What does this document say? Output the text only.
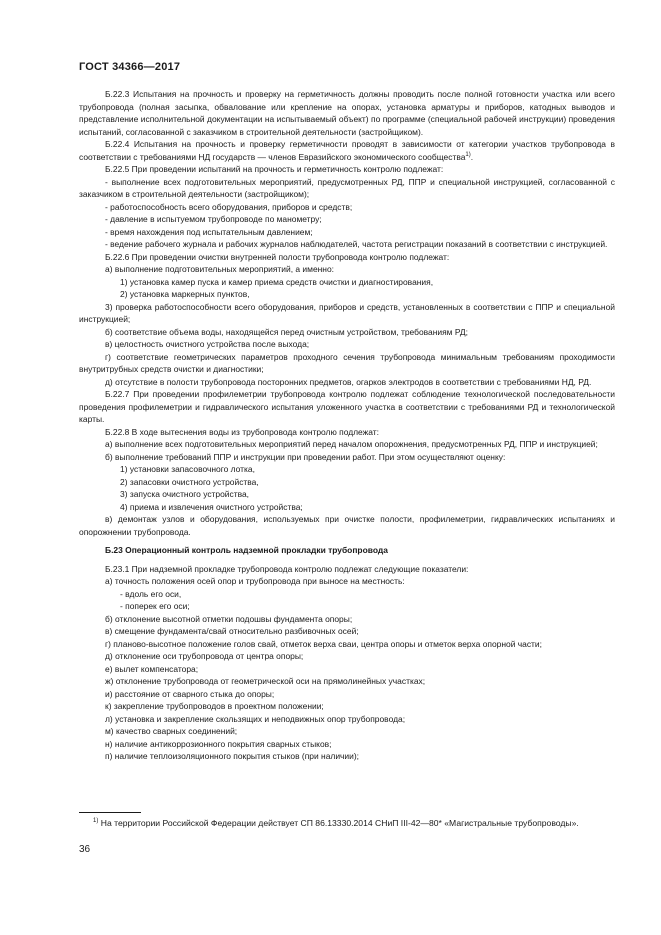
ГОСТ 34366—2017
Б.22.3 Испытания на прочность и проверку на герметичность должны проводить после полной готовности участка или всего трубопровода (полная засыпка, обвалование или крепление на опорах, установка арматуры и приборов, катодных выводов и представление исполнительной документации на испытываемый объект) по программе (специальной рабочей инструкции) проведения испытаний, согласованной с заказчиком в строительной деятельности (застройщиком).
Б.22.4 Испытания на прочность и проверку герметичности проводят в зависимости от категории участков трубопровода в соответствии с требованиями НД государств — членов Евразийского экономического сообщества$^{1)}$.
Б.22.5 При проведении испытаний на прочность и герметичность контролю подлежат:
- выполнение всех подготовительных мероприятий, предусмотренных РД, ППР и специальной инструкцией, согласованной с заказчиком в строительной деятельности (застройщиком);
- работоспособность всего оборудования, приборов и средств;
- давление в испытуемом трубопроводе по манометру;
- время нахождения под испытательным давлением;
- ведение рабочего журнала и рабочих журналов наблюдателей, частота регистрации показаний в соответствии с инструкцией.
Б.22.6 При проведении очистки внутренней полости трубопровода контролю подлежат:
а) выполнение подготовительных мероприятий, а именно:
1) установка камер пуска и камер приема средств очистки и диагностирования,
2) установка маркерных пунктов,
3) проверка работоспособности всего оборудования, приборов и средств, установленных в соответствии с ППР и специальной инструкцией;
б) соответствие объема воды, находящейся перед очистным устройством, требованиям РД;
в) целостность очистного устройства после выхода;
г) соответствие геометрических параметров проходного сечения трубопровода минимальным требованиям проходимости внутритрубных средств очистки и диагностики;
д) отсутствие в полости трубопровода посторонних предметов, огарков электродов в соответствии с требованиями НД, РД.
Б.22.7 При проведении профилеметрии трубопровода контролю подлежат соблюдение технологической последовательности проведения профилеметрии и гидравлического испытания уложенного участка в соответствии с требованиями РД и технологической карты.
Б.22.8 В ходе вытеснения воды из трубопровода контролю подлежат:
а) выполнение всех подготовительных мероприятий перед началом опорожнения, предусмотренных РД, ППР и инструкцией;
б) выполнение требований ППР и инструкции при проведении работ. При этом осуществляют оценку:
1) установки запасовочного лотка,
2) запасовки очистного устройства,
3) запуска очистного устройства,
4) приема и извлечения очистного устройства;
в) демонтаж узлов и оборудования, используемых при очистке полости, профилеметрии, гидравлических испытаниях и опорожнении трубопровода.
Б.23 Операционный контроль надземной прокладки трубопровода
Б.23.1 При надземной прокладке трубопровода контролю подлежат следующие показатели:
а) точность положения осей опор и трубопровода при выносе на местность:
- вдоль его оси,
- поперек его оси;
б) отклонение высотной отметки подошвы фундамента опоры;
в) смещение фундамента/свай относительно разбивочных осей;
г) планово-высотное положение голов свай, отметок верха сваи, центра опоры и отметок верха опорной части;
д) отклонение оси трубопровода от центра опоры;
е) вылет компенсатора;
ж) отклонение трубопровода от геометрической оси на прямолинейных участках;
и) расстояние от сварного стыка до опоры;
к) закрепление трубопроводов в проектном положении;
л) установка и закрепление скользящих и неподвижных опор трубопровода;
м) качество сварных соединений;
н) наличие антикоррозионного покрытия сварных стыков;
п) наличие теплоизоляционного покрытия стыков (при наличии);
$^{1)}$ На территории Российской Федерации действует СП 86.13330.2014 СНиП III-42—80* «Магистральные трубопроводы».
36
